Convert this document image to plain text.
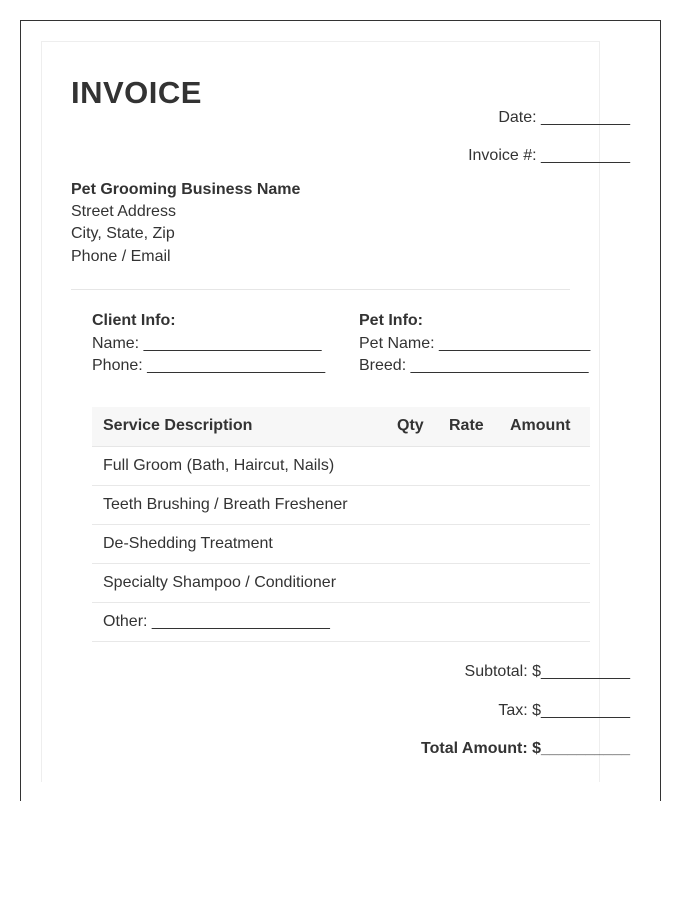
INVOICE
Date: __________
Invoice #: __________
Pet Grooming Business Name
Street Address
City, State, Zip
Phone / Email
Client Info:
Name: ____________________
Phone: ____________________
Pet Info:
Pet Name: _________________
Breed: ____________________
Service Description	Qty Rate Amount
Full Groom (Bath, Haircut, Nails)
Teeth Brushing / Breath Freshener
De-Shedding Treatment
Specialty Shampoo / Conditioner
Other: ____________________
Subtotal: $__________
Tax: $__________
Total Amount: $__________
